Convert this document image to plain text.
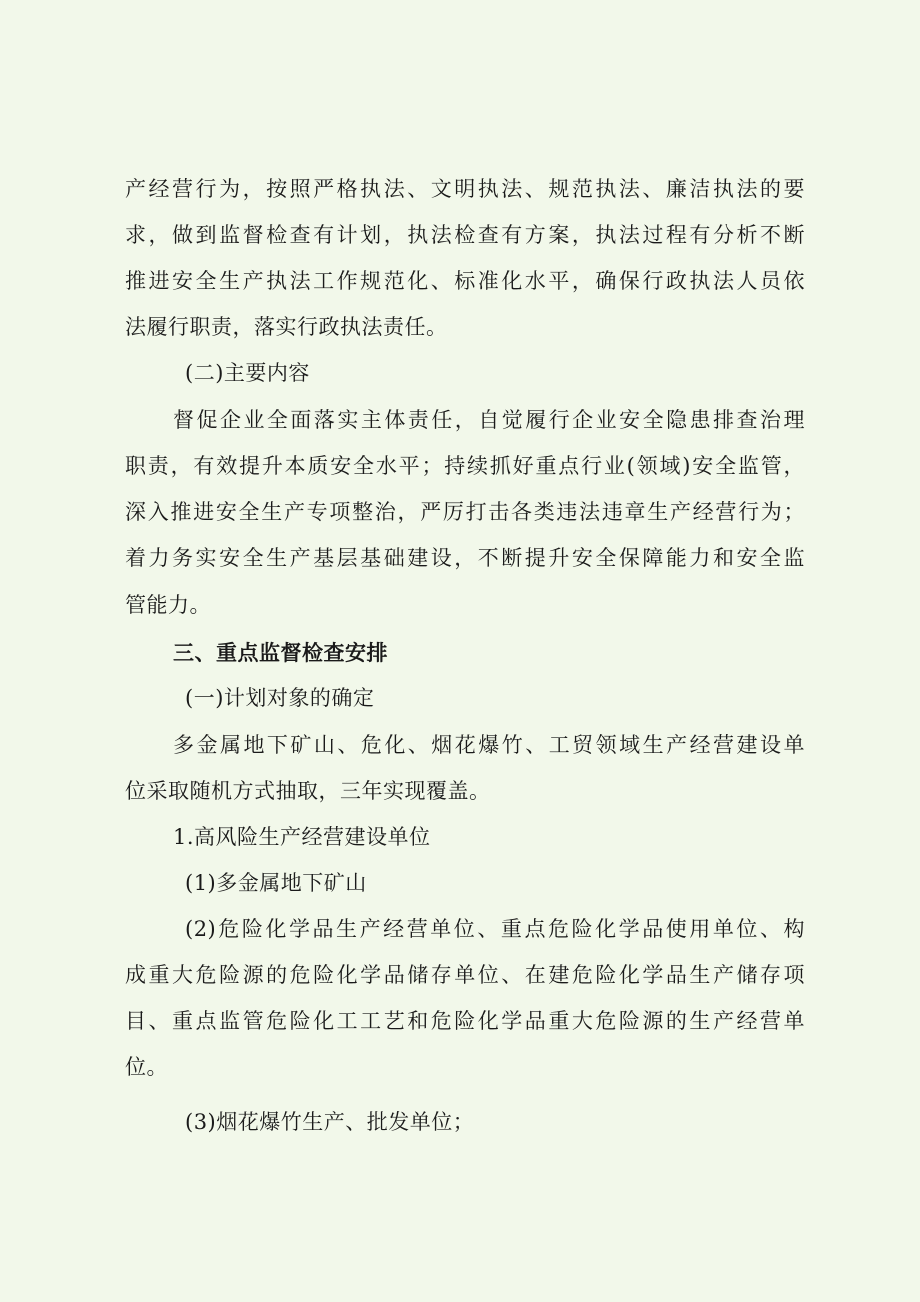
产经营行为，按照严格执法、文明执法、规范执法、廉洁执法的要
求，做到监督检查有计划，执法检查有方案，执法过程有分析不断
推进安全生产执法工作规范化、标准化水平，确保行政执法人员依
法履行职责，落实行政执法责任。
(二)主要内容
督促企业全面落实主体责任，自觉履行企业安全隐患排查治理
职责，有效提升本质安全水平；持续抓好重点行业(领域)安全监管，
深入推进安全生产专项整治，严厉打击各类违法违章生产经营行为；
着力务实安全生产基层基础建设，不断提升安全保障能力和安全监
管能力。
三、重点监督检查安排
(一)计划对象的确定
多金属地下矿山、危化、烟花爆竹、工贸领域生产经营建设单
位采取随机方式抽取，三年实现覆盖。
1.高风险生产经营建设单位
(1)多金属地下矿山
(2)危险化学品生产经营单位、重点危险化学品使用单位、构
成重大危险源的危险化学品储存单位、在建危险化学品生产储存项
目、重点监管危险化工工艺和危险化学品重大危险源的生产经营单
位。
(3)烟花爆竹生产、批发单位；
